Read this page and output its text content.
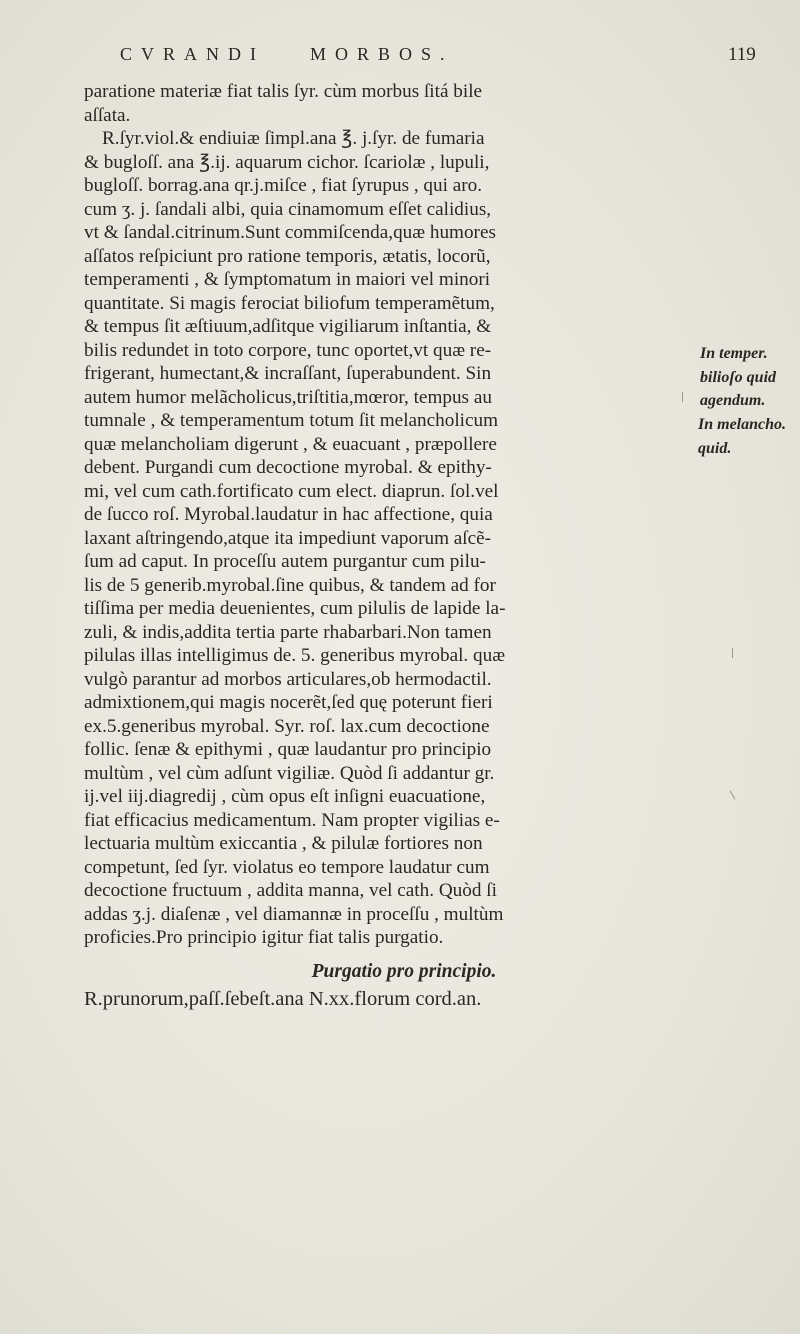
CVRANDI MORBOS.	119
paratione materiæ fiat talis ſyr. cùm morbus ſitá bile
aſſata.
R.ſyr.viol.& endiuiæ ſimpl.ana ℥. j.ſyr. de fumaria
& bugloſſ. ana ℥.ij. aquarum cichor. ſcariolæ , lupuli,
bugloſſ. borrag.ana qr.j.miſce , fiat ſyrupus , qui aro.
cum ʒ. j. ſandali albi, quia cinamomum eſſet calidius,
vt & ſandal.citrinum.Sunt commiſcenda,quæ humores
aſſatos reſpiciunt pro ratione temporis, ætatis, locorũ,
temperamenti , & ſymptomatum in maiori vel minori
quantitate. Si magis ferociat biliofum temperamẽtum,
& tempus ſit æſtiuum,adſitque vigiliarum inſtantia, &
bilis redundet in toto corpore, tunc oportet,vt quæ re-
frigerant, humectant,& incraſſant, ſuperabundent. Sin
autem humor melãcholicus,triſtitia,mœror, tempus au
tumnale , & temperamentum totum ſit melancholicum
quæ melancholiam digerunt , & euacuant , præpollere
debent. Purgandi cum decoctione myrobal. & epithy-
mi, vel cum cath.fortificato cum elect. diaprun. ſol.vel
de ſucco roſ. Myrobal.laudatur in hac affectione, quia
laxant aſtringendo,atque ita impediunt vaporum aſcẽ-
ſum ad caput. In proceſſu autem purgantur cum pilu-
lis de 5 generib.myrobal.ſine quibus, & tandem ad for
tiſſima per media deuenientes, cum pilulis de lapide la-
zuli, & indis,addita tertia parte rhabarbari.Non tamen
pilulas illas intelligimus de. 5. generibus myrobal. quæ
vulgò parantur ad morbos articulares,ob hermodactil.
admixtionem,qui magis nocerẽt,ſed quę poterunt fieri
ex.5.generibus myrobal. Syr. roſ. lax.cum decoctione
follic. ſenæ & epithymi , quæ laudantur pro principio
multùm , vel cùm adſunt vigiliæ. Quòd ſi addantur gr.
ij.vel iij.diagredij , cùm opus eſt inſigni euacuatione,
fiat efficacius medicamentum. Nam propter vigilias e-
lectuaria multùm exiccantia , & pilulæ fortiores non
competunt, ſed ſyr. violatus eo tempore laudatur cum
decoctione fructuum , addita manna, vel cath. Quòd ſi
addas ʒ.j. diaſenæ , vel diamannæ in proceſſu , multùm
proficies.Pro principio igitur fiat talis purgatio.
Purgatio pro principio.
R.prunorum,paſſ.ſebeſt.ana N.xx.florum cord.an.
In temper.
bilioſo quid
agendum.
In melancho.
quid.
